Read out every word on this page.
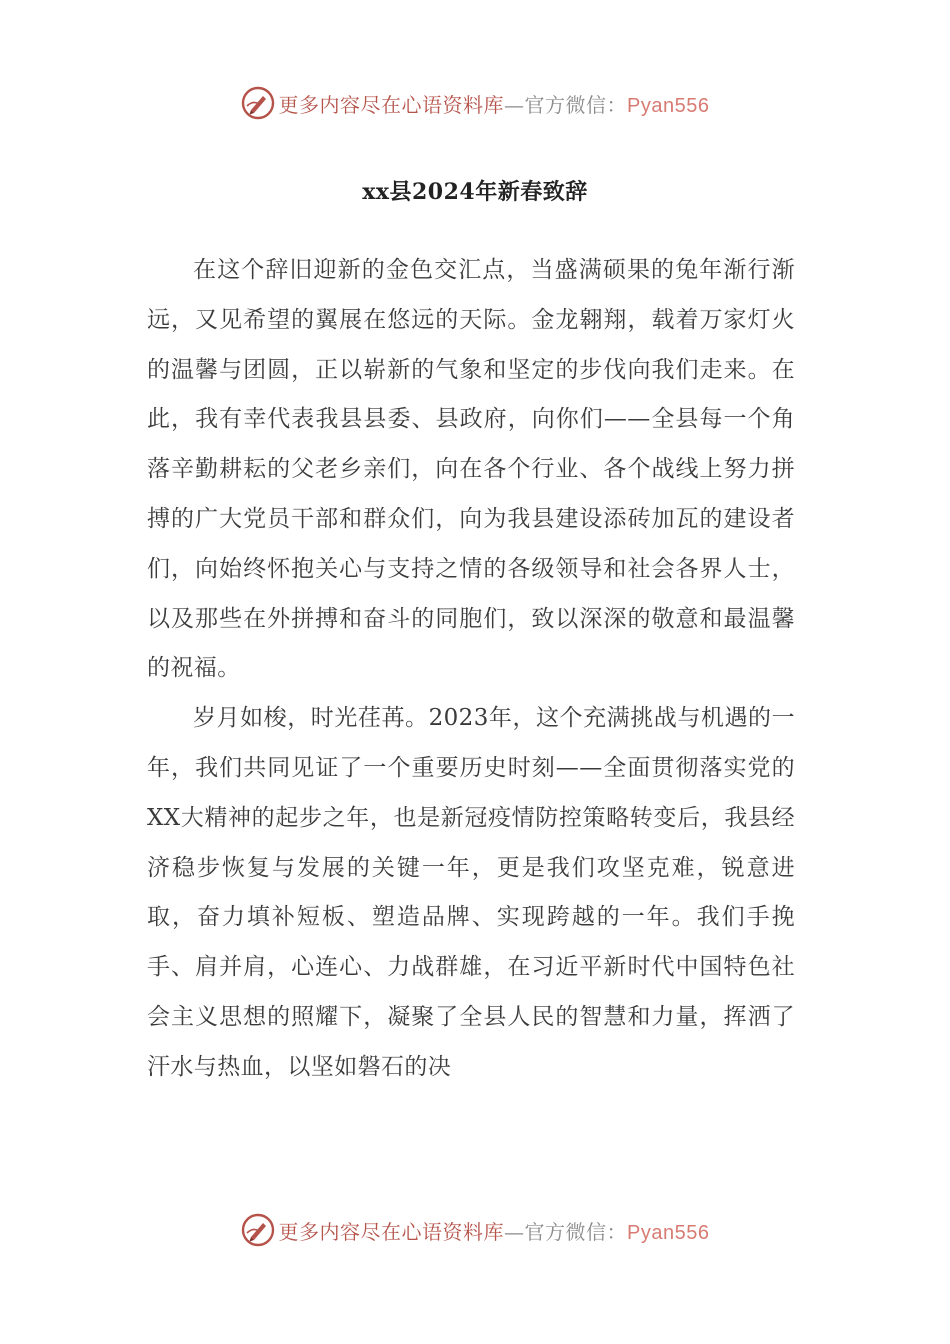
更多内容尽在心语资料库—官方微信：Pyan556
xx县2024年新春致辞

在这个辞旧迎新的金色交汇点，当盛满硕果的兔年渐行渐远，又见希望的翼展在悠远的天际。金龙翱翔，载着万家灯火的温馨与团圆，正以崭新的气象和坚定的步伐向我们走来。在此，我有幸代表我县县委、县政府，向你们——全县每一个角落辛勤耕耘的父老乡亲们，向在各个行业、各个战线上努力拼搏的广大党员干部和群众们，向为我县建设添砖加瓦的建设者们，向始终怀抱关心与支持之情的各级领导和社会各界人士，以及那些在外拼搏和奋斗的同胞们，致以深深的敬意和最温馨的祝福。

岁月如梭，时光荏苒。2023年，这个充满挑战与机遇的一年，我们共同见证了一个重要历史时刻——全面贯彻落实党的XX大精神的起步之年，也是新冠疫情防控策略转变后，我县经济稳步恢复与发展的关键一年，更是我们攻坚克难，锐意进取，奋力填补短板、塑造品牌、实现跨越的一年。我们手挽手、肩并肩，心连心、力战群雄，在习近平新时代中国特色社会主义思想的照耀下，凝聚了全县人民的智慧和力量，挥洒了汗水与热血，以坚如磐石的决

更多内容尽在心语资料库—官方微信：Pyan556
